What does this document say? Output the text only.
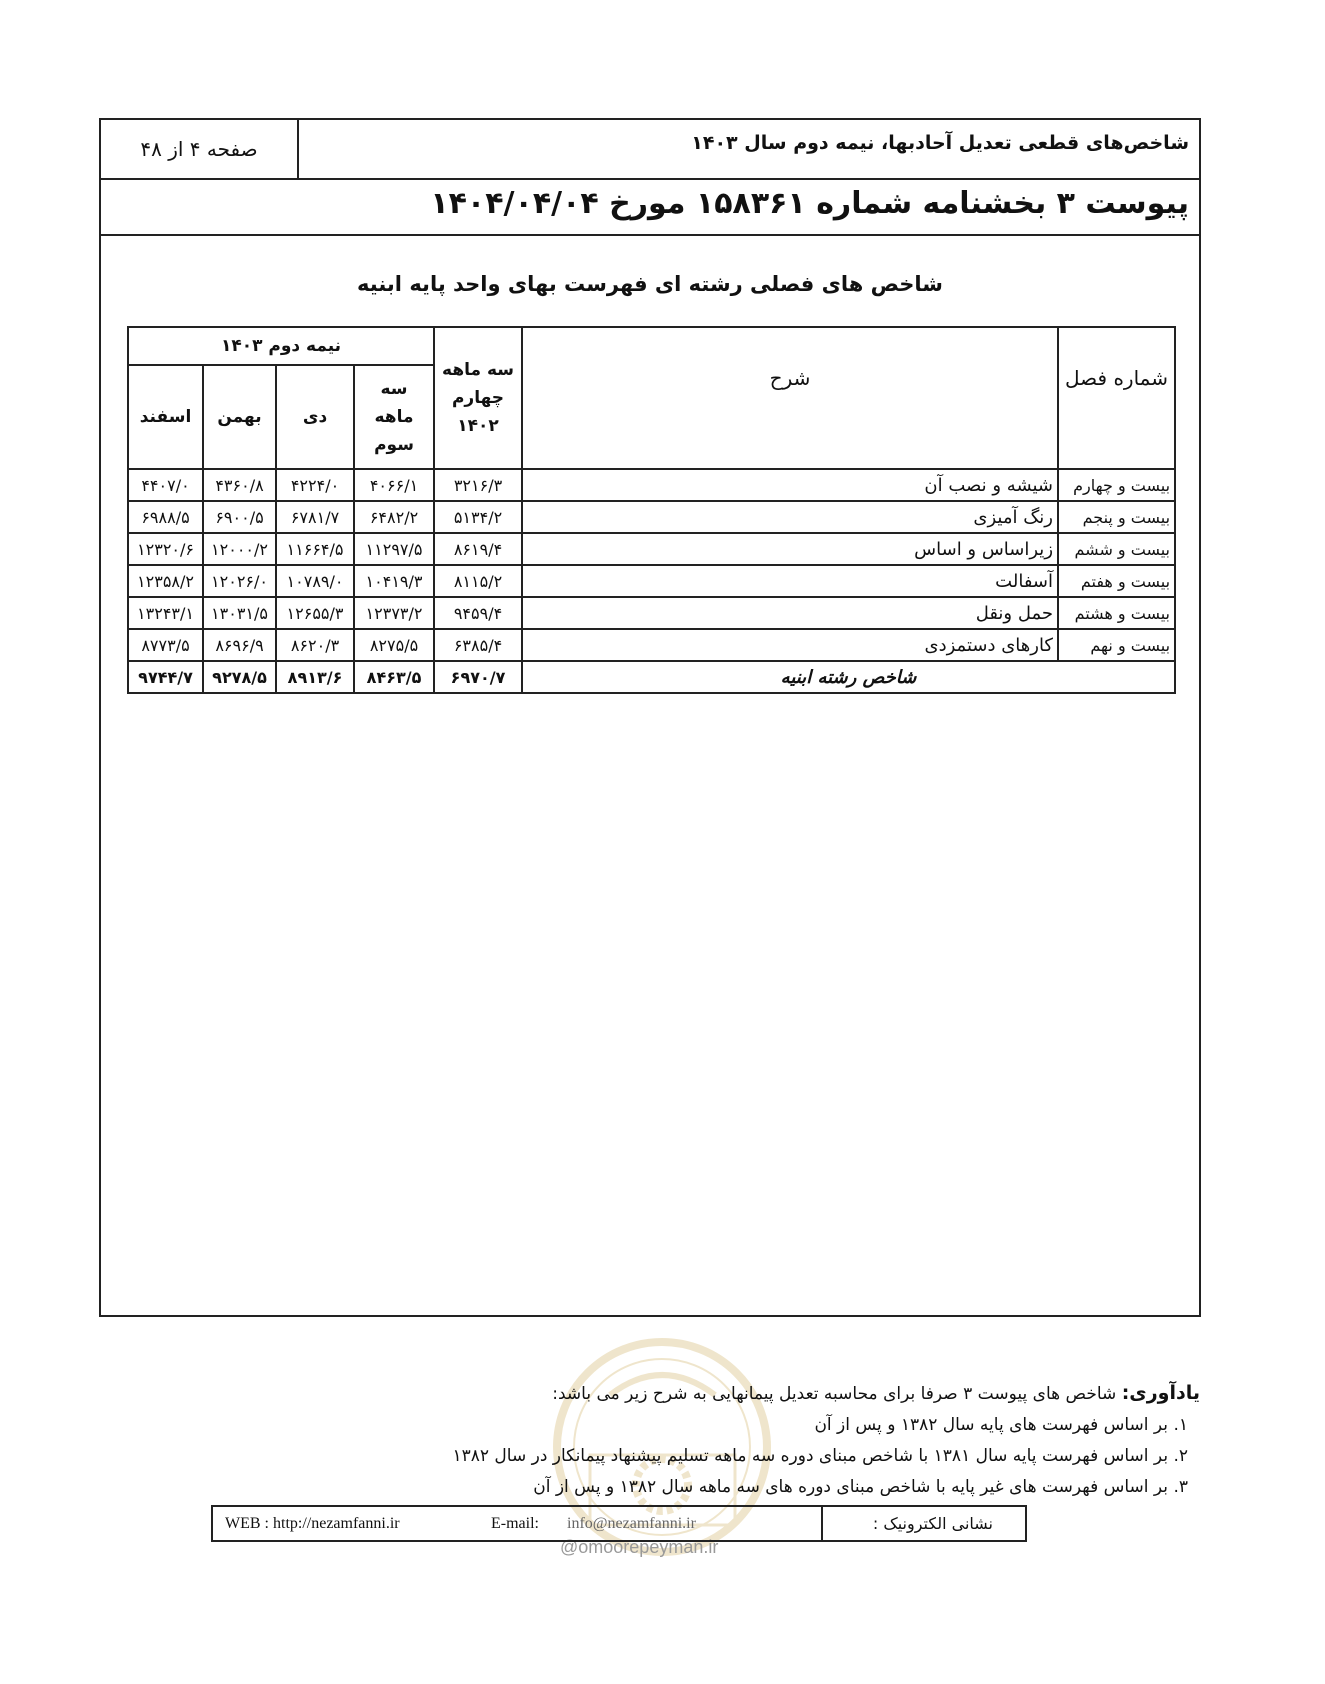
شاخص‌های قطعی تعدیل آحادبها، نیمه دوم سال ۱۴۰۳
صفحه ۴ از ۴۸
پیوست ۳ بخشنامه شماره ۱۵۸۳۶۱ مورخ ۱۴۰۴/۰۴/۰۴
شاخص های فصلی رشته ای فهرست بهای واحد پایه ابنیه
شماره فصل	شرح	سه ماهه چهارم ۱۴۰۲	نیمه دوم ۱۴۰۳			
			سه ماهه سوم	دی	بهمن	اسفند
بیست و چهارم	شیشه و نصب آن	۳۲۱۶/۳	۴۰۶۶/۱	۴۲۲۴/۰	۴۳۶۰/۸	۴۴۰۷/۰
بیست و پنجم	رنگ آمیزی	۵۱۳۴/۲	۶۴۸۲/۲	۶۷۸۱/۷	۶۹۰۰/۵	۶۹۸۸/۵
بیست و ششم	زیراساس و اساس	۸۶۱۹/۴	۱۱۲۹۷/۵	۱۱۶۶۴/۵	۱۲۰۰۰/۲	۱۲۳۲۰/۶
بیست و هفتم	آسفالت	۸۱۱۵/۲	۱۰۴۱۹/۳	۱۰۷۸۹/۰	۱۲۰۲۶/۰	۱۲۳۵۸/۲
بیست و هشتم	حمل ونقل	۹۴۵۹/۴	۱۲۳۷۳/۲	۱۲۶۵۵/۳	۱۳۰۳۱/۵	۱۳۲۴۳/۱
بیست و نهم	کارهای دستمزدی	۶۳۸۵/۴	۸۲۷۵/۵	۸۶۲۰/۳	۸۶۹۶/۹	۸۷۷۳/۵
شاخص رشته ابنیه		۶۹۷۰/۷	۸۴۶۳/۵	۸۹۱۳/۶	۹۲۷۸/۵	۹۷۴۴/۷
@omoorepeyman.ir

یادآوری: شاخص های پیوست ۳ صرفا برای محاسبه تعدیل پیمانهایی به شرح زیر می باشد:

۱. بر اساس فهرست های پایه سال ۱۳۸۲ و پس از آن

۲. بر اساس فهرست پایه سال ۱۳۸۱ با شاخص مبنای دوره سه ماهه تسلیم پیشنهاد پیمانکار در سال ۱۳۸۲

۳. بر اساس فهرست های غیر پایه با شاخص مبنای دوره های سه ماهه سال ۱۳۸۲ و پس از آن

WEB : http://nezamfanni.ir	E-mail: info@nezamfanni.ir	نشانی الکترونیک :
